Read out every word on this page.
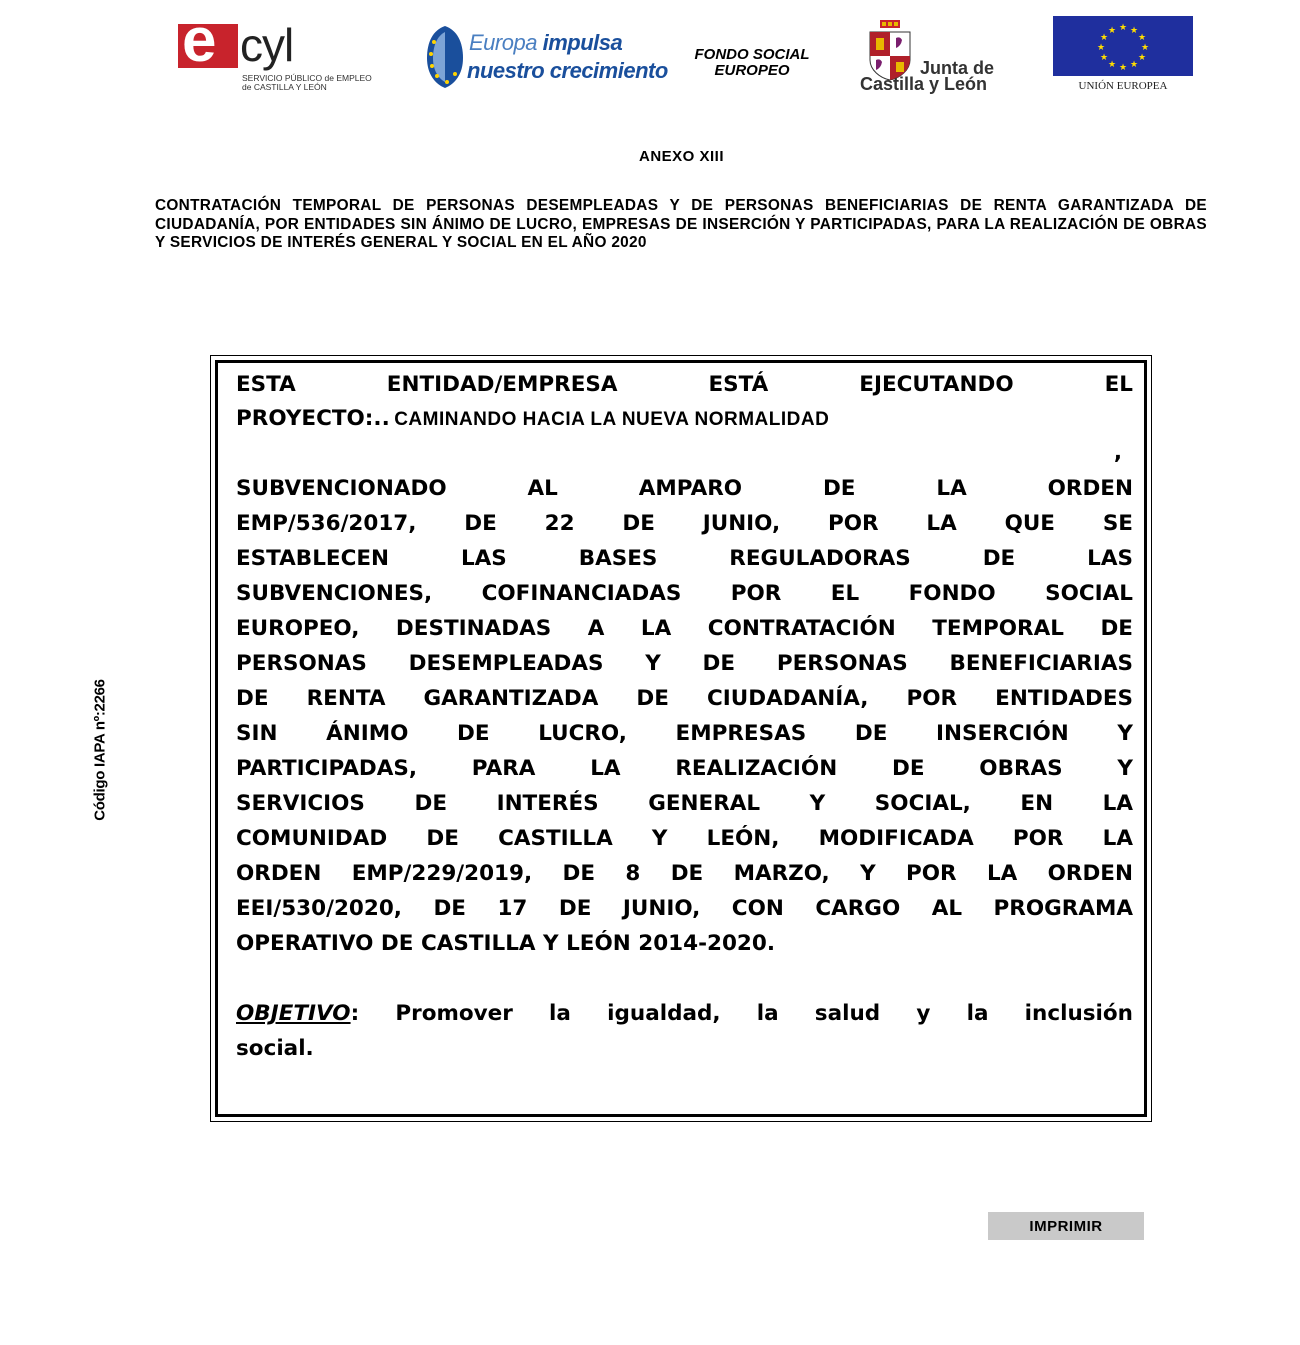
e cyl
SERVICIO PÚBLICO de EMPLEO
de CASTILLA Y LEÓN
Europa impulsa
nuestro crecimiento
FONDO SOCIAL
EUROPEO	Junta de
Castilla y León
★ ★
★
★
★
★
★
★
★
★
★
★
UNIÓN EUROPEA
ANEXO XIII
CONTRATACIÓN TEMPORAL DE PERSONAS DESEMPLEADAS Y DE PERSONAS BENEFICIARIAS DE RENTA GARANTIZADA DE CIUDADANÍA, POR ENTIDADES SIN ÁNIMO DE LUCRO, EMPRESAS DE INSERCIÓN Y PARTICIPADAS, PARA LA REALIZACIÓN DE OBRAS Y SERVICIOS DE INTERÉS GENERAL Y SOCIAL EN EL AÑO 2020
Código IAPA nº:2266
ESTA ENTIDAD/EMPRESA ESTÁ EJECUTANDO EL
PROYECTO:.. CAMINANDO HACIA LA NUEVA NORMALIDAD
,
SUBVENCIONADO AL AMPARO DE LA ORDEN
EMP/536/2017, DE 22 DE JUNIO, POR LA QUE SE
ESTABLECEN LAS BASES REGULADORAS DE LAS
SUBVENCIONES, COFINANCIADAS POR EL FONDO SOCIAL
EUROPEO, DESTINADAS A LA CONTRATACIÓN TEMPORAL DE
PERSONAS DESEMPLEADAS Y DE PERSONAS BENEFICIARIAS
DE RENTA GARANTIZADA DE CIUDADANÍA, POR ENTIDADES
SIN ÁNIMO DE LUCRO, EMPRESAS DE INSERCIÓN Y
PARTICIPADAS, PARA LA REALIZACIÓN DE OBRAS Y
SERVICIOS DE INTERÉS GENERAL Y SOCIAL, EN LA
COMUNIDAD DE CASTILLA Y LEÓN, MODIFICADA POR LA
ORDEN EMP/229/2019, DE 8 DE MARZO, Y POR LA ORDEN
EEI/530/2020, DE 17 DE JUNIO, CON CARGO AL PROGRAMA
OPERATIVO DE CASTILLA Y LEÓN 2014-2020.
OBJETIVO: Promover la igualdad, la salud y la inclusión
social.
IMPRIMIR
